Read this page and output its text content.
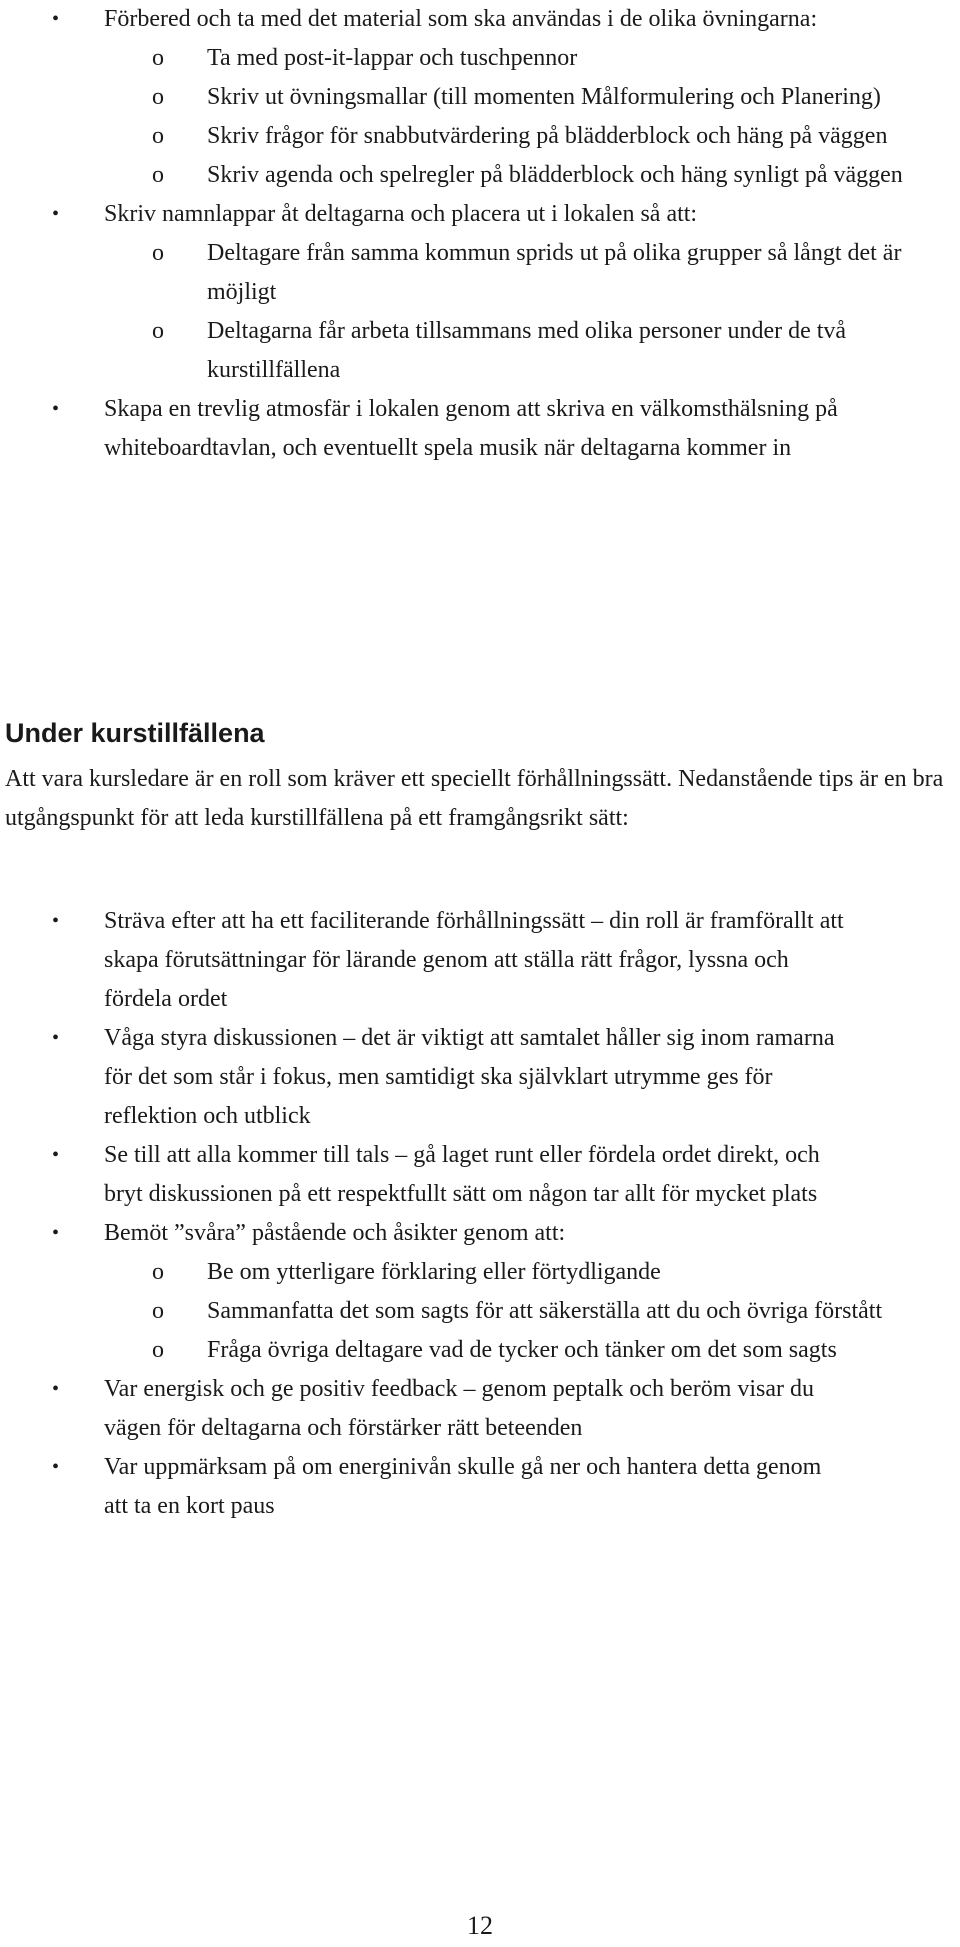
• Förbered och ta med det material som ska användas i de olika övningarna:
o Ta med post-it-lappar och tuschpennor
o Skriv ut övningsmallar (till momenten Målformulering och Planering)
o Skriv frågor för snabbutvärdering på blädderblock och häng på väggen
o Skriv agenda och spelregler på blädderblock och häng synligt på väggen
• Skriv namnlappar åt deltagarna och placera ut i lokalen så att:
o Deltagare från samma kommun sprids ut på olika grupper så långt det är möjligt
o Deltagarna får arbeta tillsammans med olika personer under de två kurstillfällena
• Skapa en trevlig atmosfär i lokalen genom att skriva en välkomsthälsning på whiteboardtavlan, och eventuellt spela musik när deltagarna kommer in
Under kurstillfällena

Att vara kursledare är en roll som kräver ett speciellt förhållningssätt. Nedanstående tips är en bra utgångspunkt för att leda kurstillfällena på ett framgångsrikt sätt:

• Sträva efter att ha ett faciliterande förhållningssätt – din roll är framförallt att skapa förutsättningar för lärande genom att ställa rätt frågor, lyssna och fördela ordet
• Våga styra diskussionen – det är viktigt att samtalet håller sig inom ramarna för det som står i fokus, men samtidigt ska självklart utrymme ges för reflektion och utblick
• Se till att alla kommer till tals – gå laget runt eller fördela ordet direkt, och bryt diskussionen på ett respektfullt sätt om någon tar allt för mycket plats
• Bemöt ”svåra” påstående och åsikter genom att:
o Be om ytterligare förklaring eller förtydligande
o Sammanfatta det som sagts för att säkerställa att du och övriga förstått
o Fråga övriga deltagare vad de tycker och tänker om det som sagts
• Var energisk och ge positiv feedback – genom peptalk och beröm visar du vägen för deltagarna och förstärker rätt beteenden
• Var uppmärksam på om energinivån skulle gå ner och hantera detta genom att ta en kort paus
12
